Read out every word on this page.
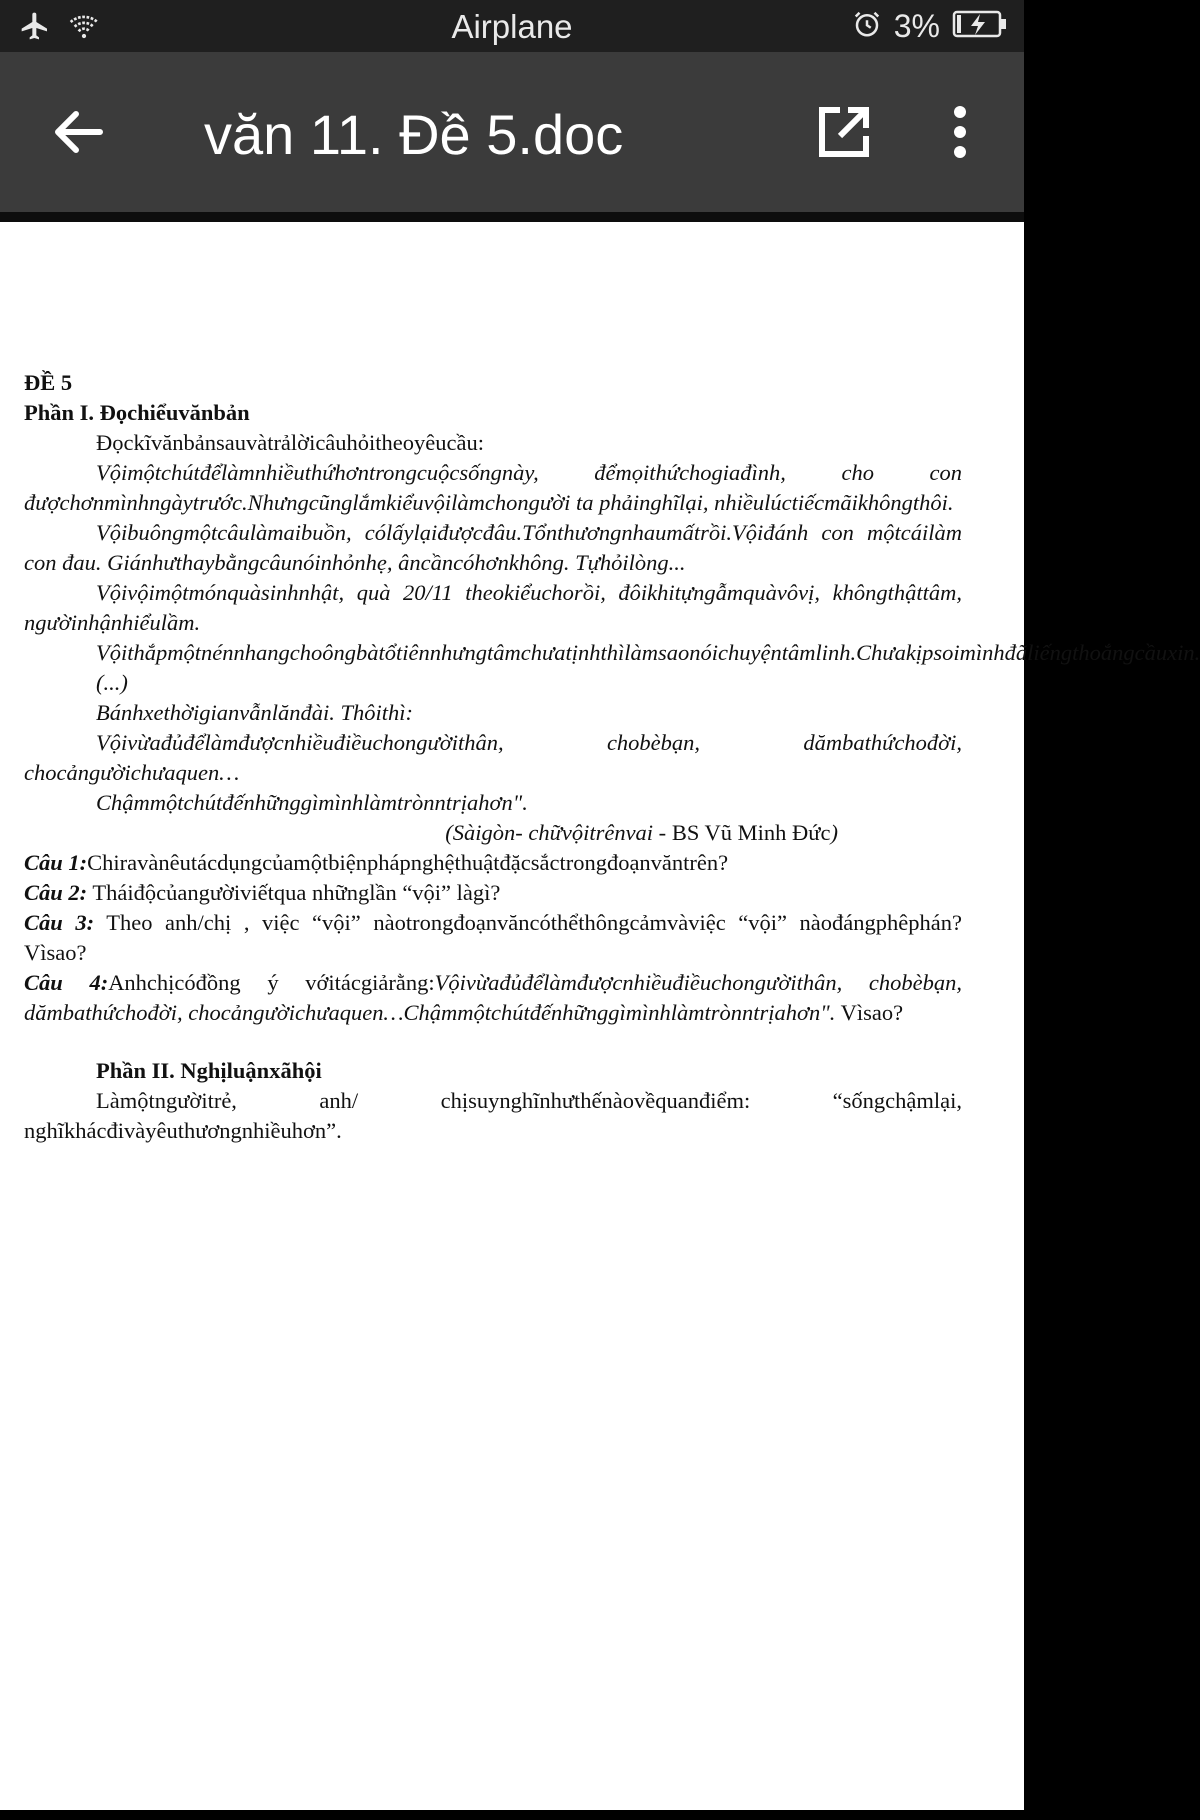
Airplane	3%
văn 11. Đề 5.doc

ĐỀ 5

Phần I. Đọchiểuvănbản

Đọckĩvănbảnsauvàtrảlờicâuhỏitheoyêucầu:

Vộimộtchútđểlàmnhiềuthứhơntrongcuộcsốngnày, đểmọithứchogiađình, cho con đượchơnmìnhngàytrước.Nhưngcũnglắmkiểuvộilàmchongười ta phảinghĩlại, nhiềulúctiếcmãikhôngthôi.

Vộibuôngmộtcâulàmaibuồn, cólấylạiđượcđâu.Tổnthươngnhaumấtrồi.Vộiđánh con mộtcáilàm con đau. Giánhưthaybằngcâunóinhỏnhẹ, âncầncóhơnkhông. Tựhỏilòng...

Vộivộimộtmónquàsinhnhật, quà 20/11 theokiểuchorồi, đôikhitựngẫmquàvôvị, khôngthậttâm, ngườinhậnhiểulầm.

Vộithắpmộtnénnhangchoôngbàtổtiênnhưngtâmchưatịnhthìlàmsaonóichuyệntâmlinh.Chưakịpsoimìnhđãliếngthoắngcầuxin.

(...)

Bánhxethờigianvẫnlănđài. Thôithì:

Vộivừađủđểlàmđượcnhiềuđiềuchongườithân, chobèbạn, dămbathứchođời, chocảngườichưaquen…

Chậmmộtchútđếnhữnggìmìnhlàmtrònntrịahơn".

(Sàigòn- chữvộitrênvai - BS Vũ Minh Đức)

Câu 1:Chiravànêutácdụngcủamộtbiệnphápnghệthuậtđặcsắctrongđoạnvăntrên?

Câu 2: Tháiđộcủangườiviếtqua nhữnglần “vội” làgì?

Câu 3: Theo anh/chị , việc “vội” nàotrongđoạnvăncóthểthôngcảmvàviệc “vội” nàođángphêphán? Vìsao?

Câu 4:Anhchịcóđồng ý vớitácgiảrằng:Vộivừađủđểlàmđượcnhiềuđiềuchongườithân, chobèbạn, dămbathứchođời, chocảngườichưaquen…Chậmmộtchútđếnhữnggìmìnhlàmtrònntrịahơn". Vìsao?

Phần II. Nghịluậnxãhội

Làmộtngườitrẻ, anh/ chịsuynghĩnhưthếnàovềquanđiểm: “sốngchậmlại, nghĩkhácđivàyêuthươngnhiềuhơn”.
